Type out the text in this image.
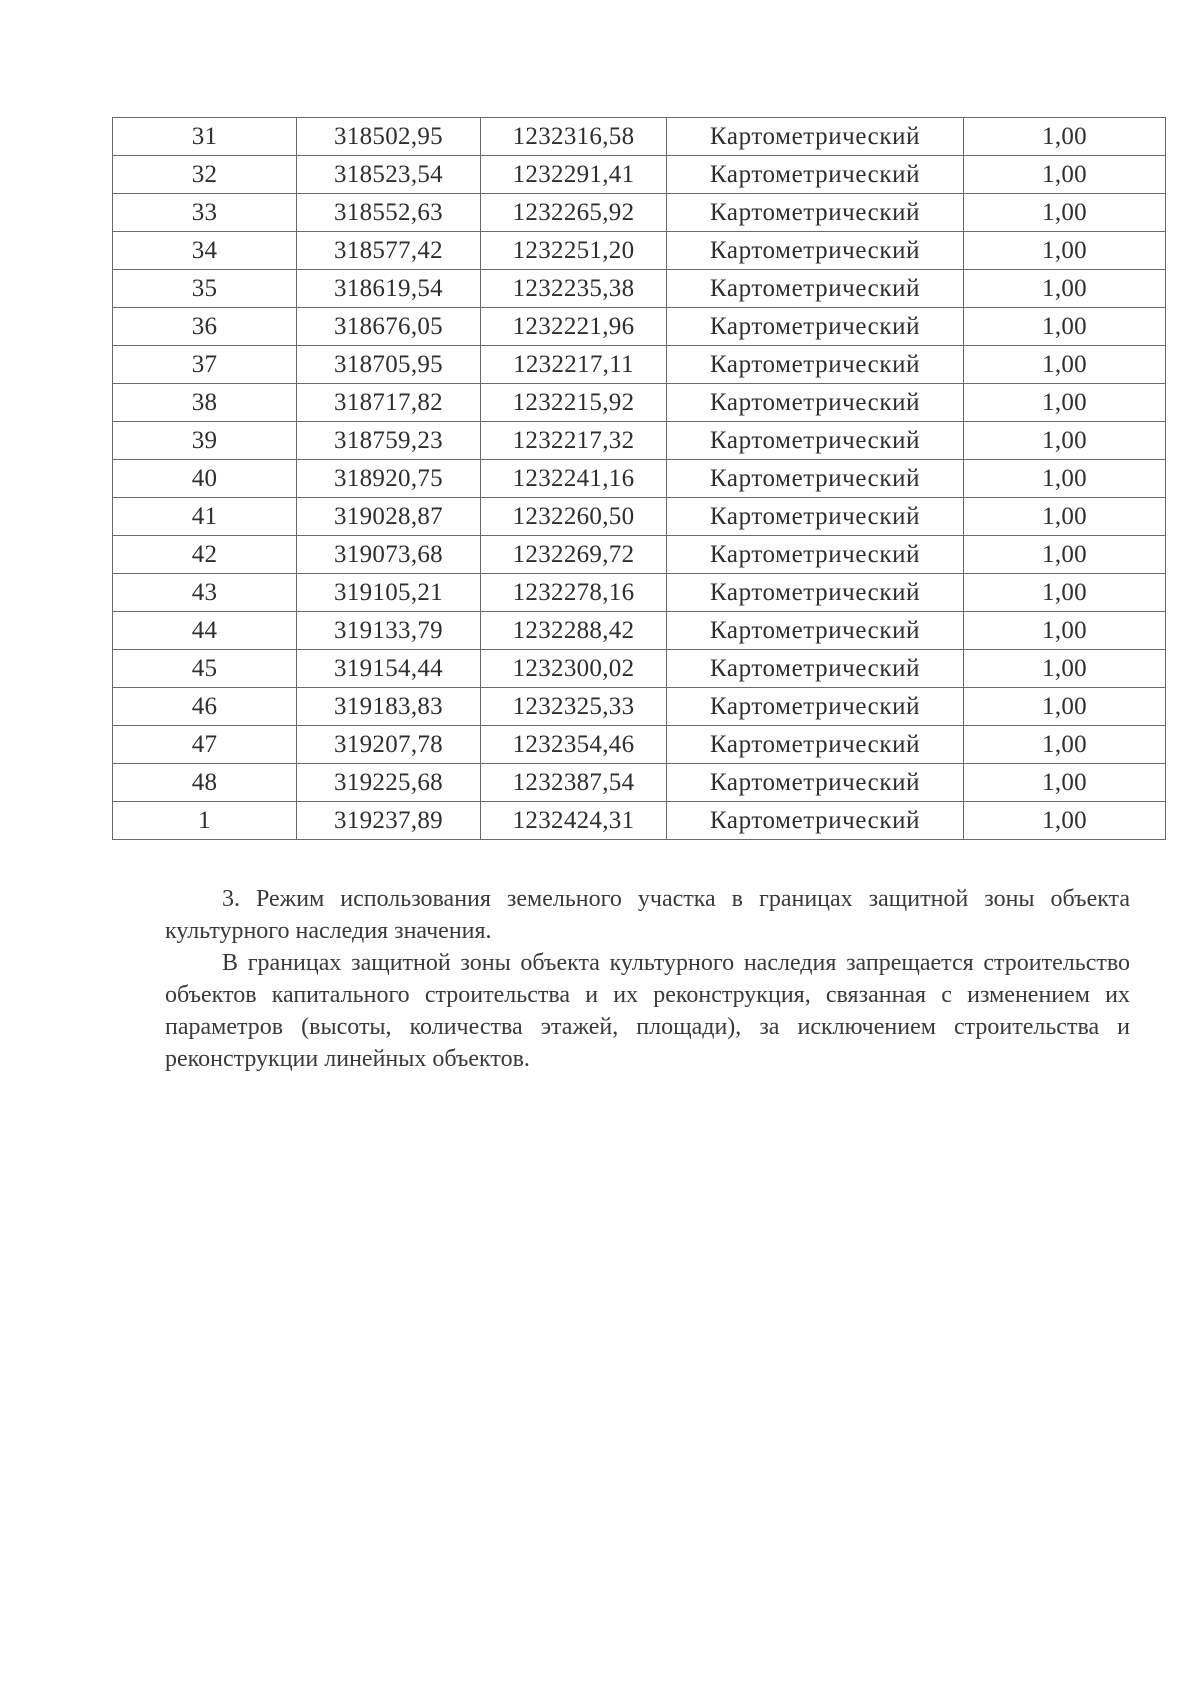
31	318502,95	1232316,58	Картометрический	1,00
32	318523,54	1232291,41	Картометрический	1,00
33	318552,63	1232265,92	Картометрический	1,00
34	318577,42	1232251,20	Картометрический	1,00
35	318619,54	1232235,38	Картометрический	1,00
36	318676,05	1232221,96	Картометрический	1,00
37	318705,95	1232217,11	Картометрический	1,00
38	318717,82	1232215,92	Картометрический	1,00
39	318759,23	1232217,32	Картометрический	1,00
40	318920,75	1232241,16	Картометрический	1,00
41	319028,87	1232260,50	Картометрический	1,00
42	319073,68	1232269,72	Картометрический	1,00
43	319105,21	1232278,16	Картометрический	1,00
44	319133,79	1232288,42	Картометрический	1,00
45	319154,44	1232300,02	Картометрический	1,00
46	319183,83	1232325,33	Картометрический	1,00
47	319207,78	1232354,46	Картометрический	1,00
48	319225,68	1232387,54	Картометрический	1,00
1	319237,89	1232424,31	Картометрический	1,00

3. Режим использования земельного участка в границах защитной зоны объекта культурного наследия значения.

В границах защитной зоны объекта культурного наследия запрещается строительство объектов капитального строительства и их реконструкция, связанная с изменением их параметров (высоты, количества этажей, площади), за исключением строительства и реконструкции линейных объектов.
